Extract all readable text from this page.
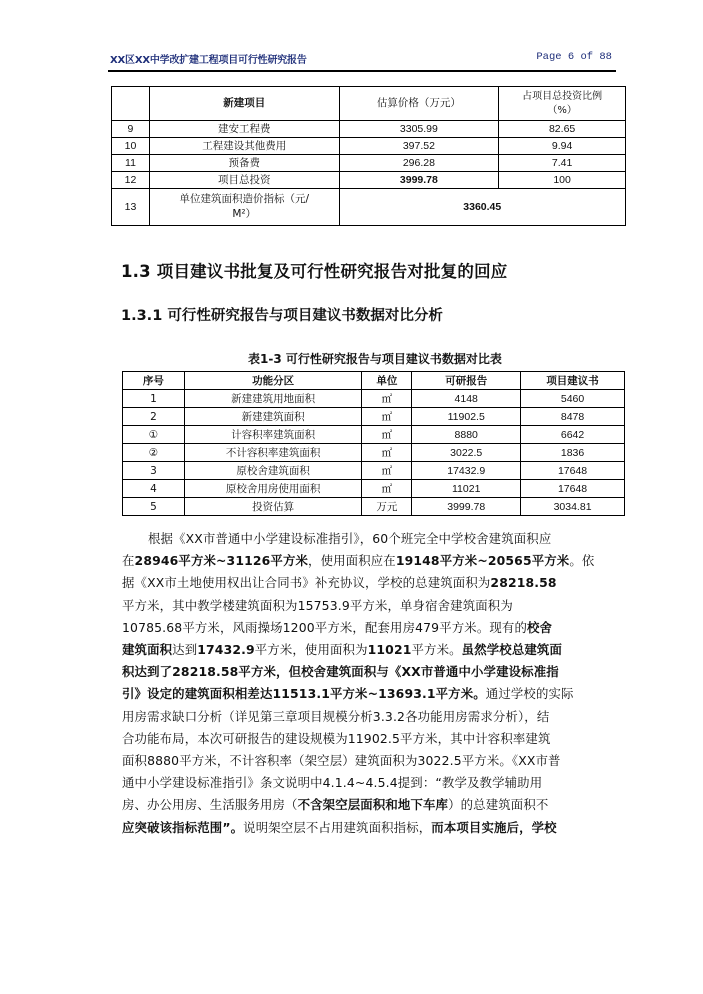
XX区XX中学改扩建工程项目可行性研究报告	Page 6 of 88
	新建项目	估算价格（万元）	占项目总投资比例
（%）

9	建安工程费	3305.99	82.65
10	工程建设其他费用	397.52	9.94
11	预备费	296.28	7.41
12	项目总投资	3999.78	100
13	单位建筑面积造价指标（元/
M²）	3360.45	
1.3 项目建议书批复及可行性研究报告对批复的回应
1.3.1 可行性研究报告与项目建议书数据对比分析
表1-3 可行性研究报告与项目建议书数据对比表
序号	功能分区	单位	可研报告	项目建议书
1	新建建筑用地面积	㎡	4148	5460
2	新建建筑面积	㎡	11902.5	8478
①	计容积率建筑面积	㎡	8880	6642
②	不计容积率建筑面积	㎡	3022.5	1836
3	原校舍建筑面积	㎡	17432.9	17648
4	原校舍用房使用面积	㎡	11021	17648
5	投资估算	万元	3999.78	3034.81
根据《XX市普通中小学建设标准指引》，60个班完全中学校舍建筑面积应
在28946平方米~31126平方米，使用面积应在19148平方米~20565平方米。依
据《XX市土地使用权出让合同书》补充协议，学校的总建筑面积为28218.58
平方米，其中教学楼建筑面积为15753.9平方米，单身宿舍建筑面积为
10785.68平方米，风雨操场1200平方米，配套用房479平方米。现有的校舍
建筑面积达到17432.9平方米，使用面积为11021平方米。虽然学校总建筑面
积达到了28218.58平方米，但校舍建筑面积与《XX市普通中小学建设标准指
引》设定的建筑面积相差达11513.1平方米~13693.1平方米。通过学校的实际
用房需求缺口分析（详见第三章项目规模分析3.3.2各功能用房需求分析），结
合功能布局，本次可研报告的建设规模为11902.5平方米，其中计容积率建筑
面积8880平方米，不计容积率（架空层）建筑面积为3022.5平方米。《XX市普
通中小学建设标准指引》条文说明中4.1.4~4.5.4提到：“教学及教学辅助用
房、办公用房、生活服务用房（不含架空层面积和地下车库）的总建筑面积不
应突破该指标范围”。说明架空层不占用建筑面积指标，而本项目实施后，学校
